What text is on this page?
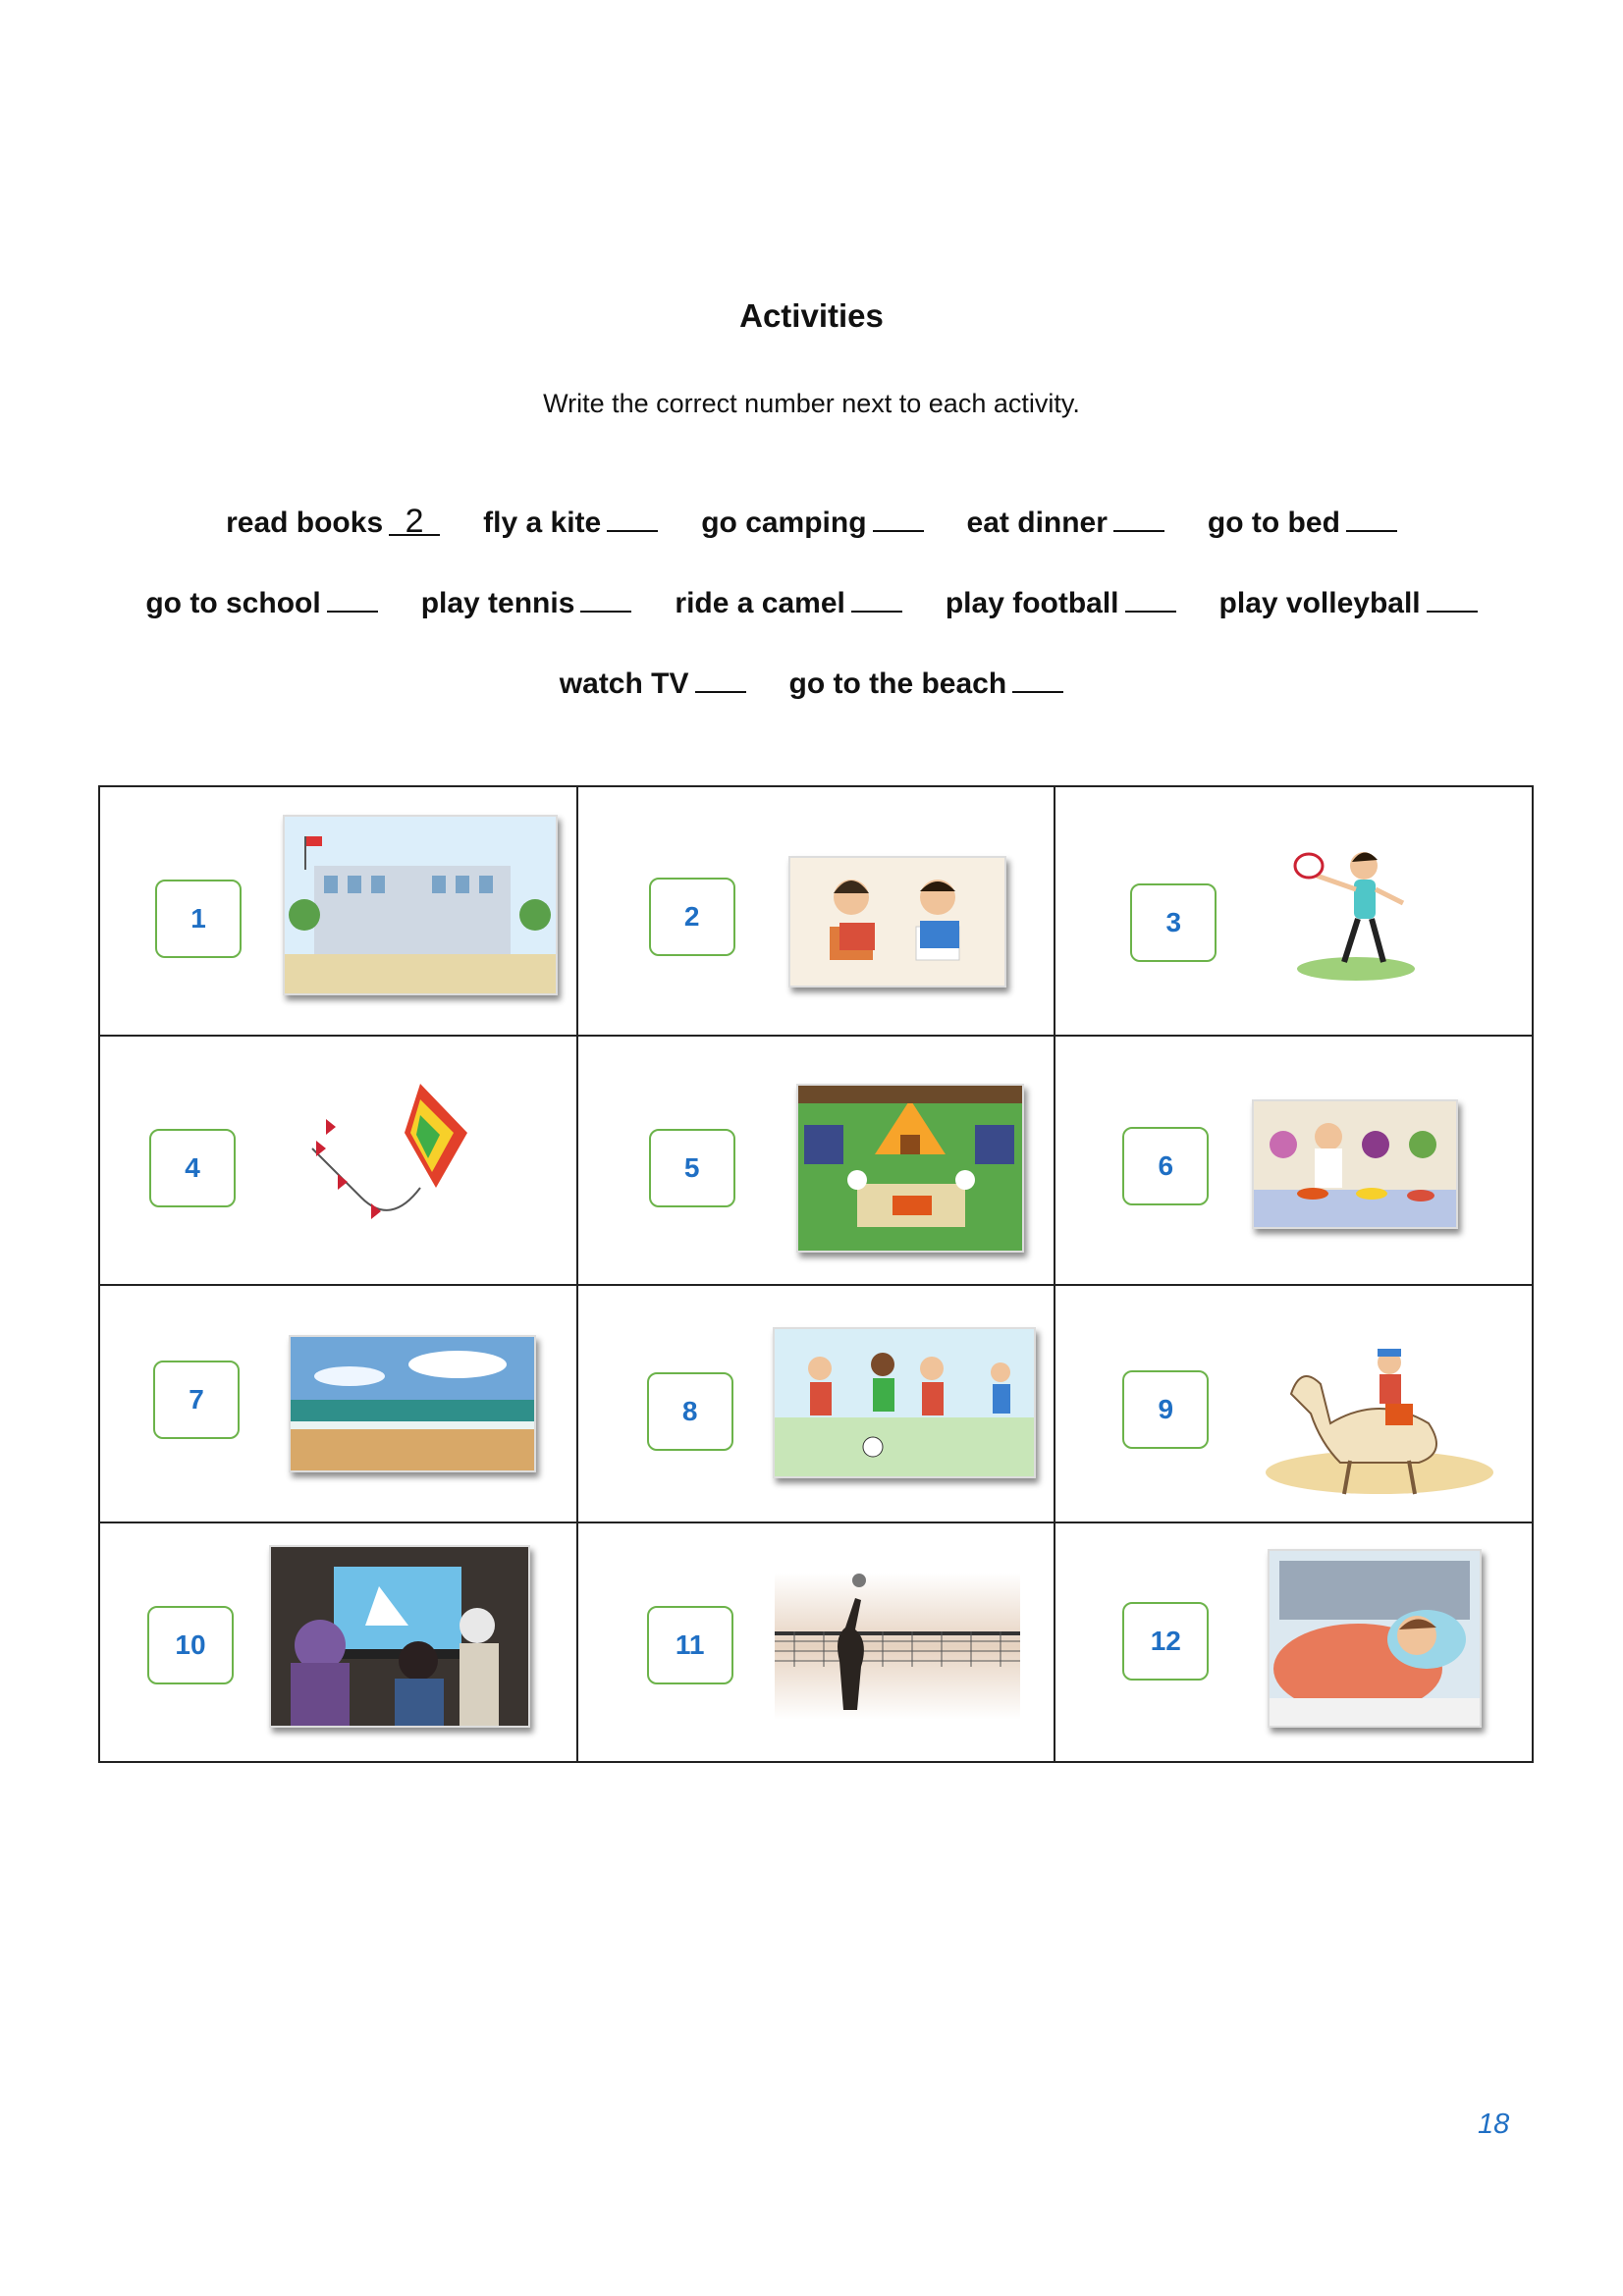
Activities
Write the correct number next to each activity.
read books 2	fly a kite	go camping	eat dinner	go to bed
go to school	play tennis	ride a camel	play football	play volleyball
watch TV	go to the beach
1	2	3

4	5	6

7	8	9

10	11	12
18
